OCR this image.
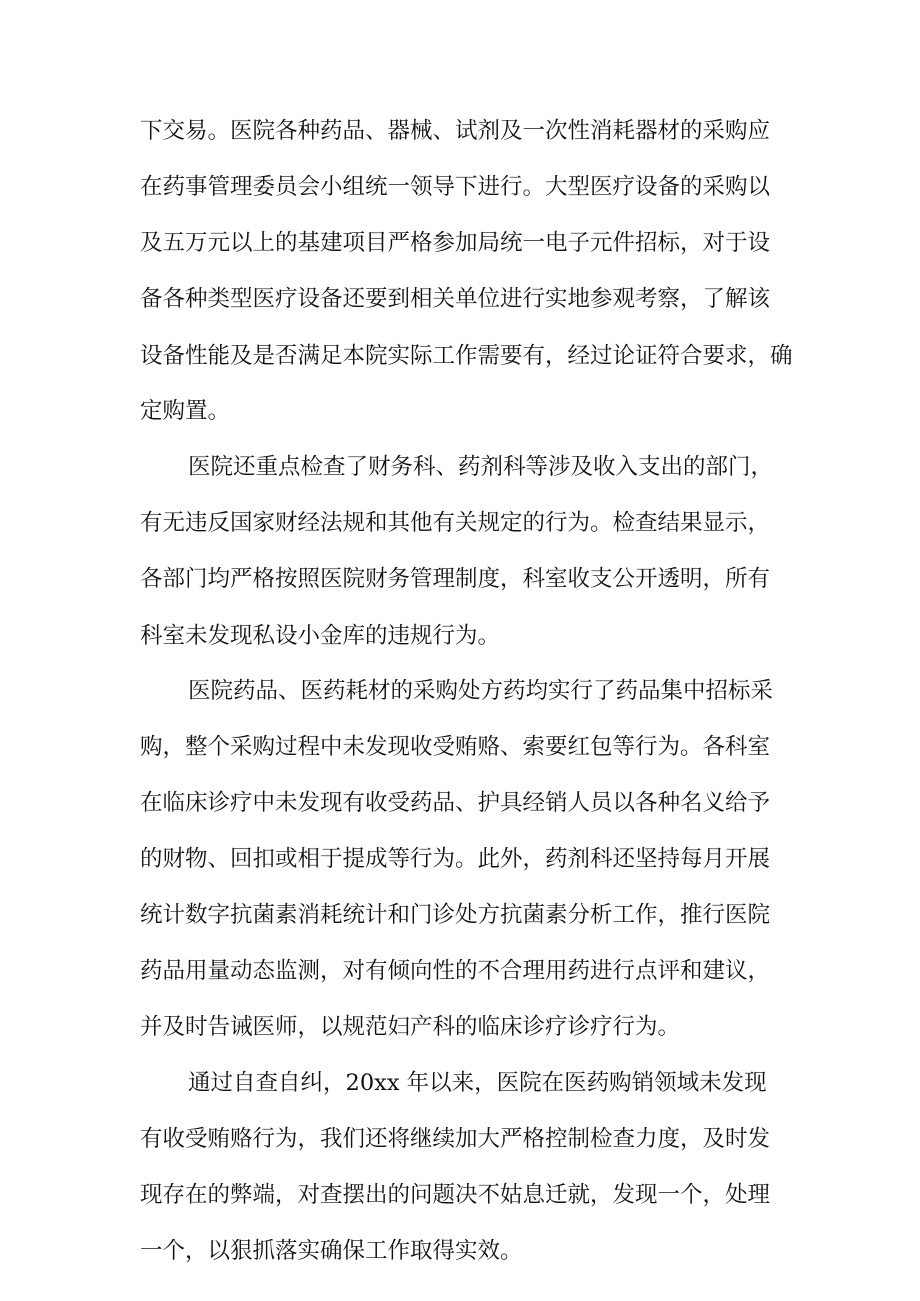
下交易。医院各种药品、器械、试剂及一次性消耗器材的采购应
在药事管理委员会小组统一领导下进行。大型医疗设备的采购以
及五万元以上的基建项目严格参加局统一电子元件招标，对于设
备各种类型医疗设备还要到相关单位进行实地参观考察，了解该
设备性能及是否满足本院实际工作需要有，经过论证符合要求，确
定购置。
医院还重点检查了财务科、药剂科等涉及收入支出的部门，
有无违反国家财经法规和其他有关规定的行为。检查结果显示，
各部门均严格按照医院财务管理制度，科室收支公开透明，所有
科室未发现私设小金库的违规行为。
医院药品、医药耗材的采购处方药均实行了药品集中招标采
购，整个采购过程中未发现收受贿赂、索要红包等行为。各科室
在临床诊疗中未发现有收受药品、护具经销人员以各种名义给予
的财物、回扣或相于提成等行为。此外，药剂科还坚持每月开展
统计数字抗菌素消耗统计和门诊处方抗菌素分析工作，推行医院
药品用量动态监测，对有倾向性的不合理用药进行点评和建议，
并及时告诫医师，以规范妇产科的临床诊疗诊疗行为。
通过自查自纠，20xx 年以来，医院在医药购销领域未发现
有收受贿赂行为，我们还将继续加大严格控制检查力度，及时发
现存在的弊端，对查摆出的问题决不姑息迁就，发现一个，处理
一个，以狠抓落实确保工作取得实效。
